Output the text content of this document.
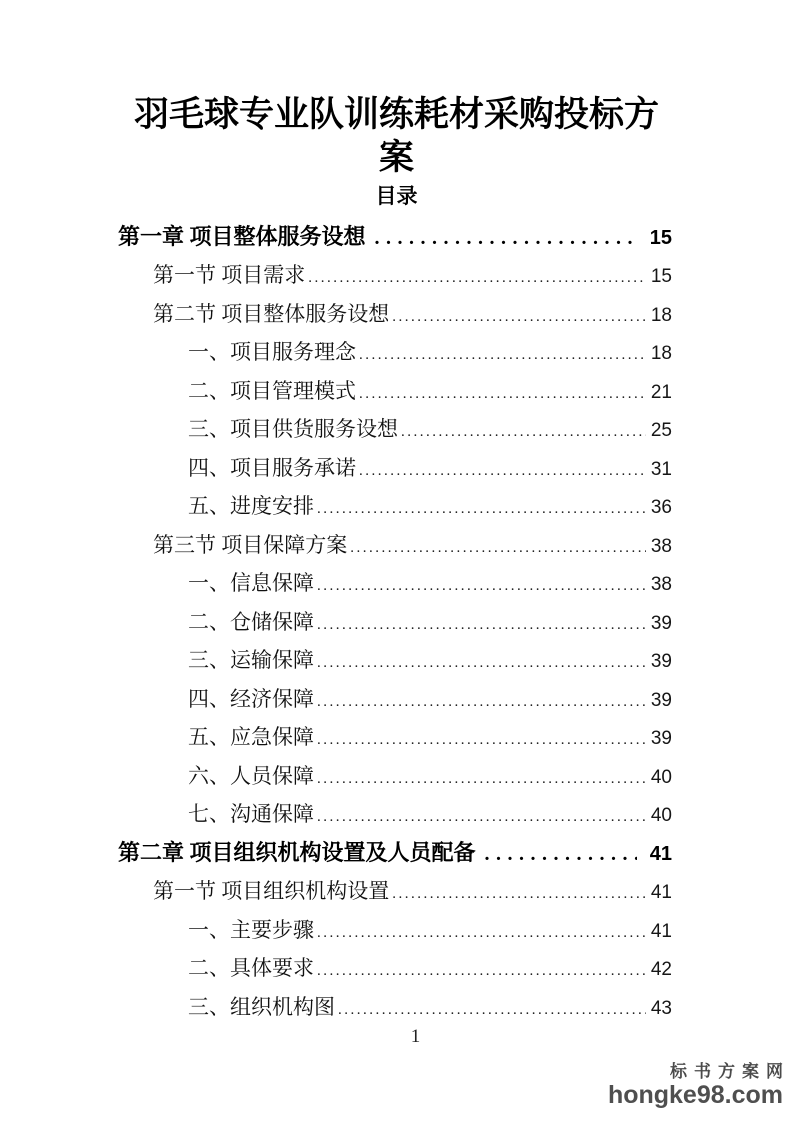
羽毛球专业队训练耗材采购投标方案
目录
第一章 项目整体服务设想 .....	15
第一节 项目需求 .....	15
第二节 项目整体服务设想 .....	18
一、项目服务理念 .....	18
二、项目管理模式 .....	21
三、项目供货服务设想 .....	25
四、项目服务承诺 .....	31
五、进度安排 .....	36
第三节 项目保障方案 .....	38
一、信息保障 .....	38
二、仓储保障 .....	39
三、运输保障 .....	39
四、经济保障 .....	39
五、应急保障 .....	39
六、人员保障 .....	40
七、沟通保障 .....	40
第二章 项目组织机构设置及人员配备 .....	41
第一节 项目组织机构设置 .....	41
一、主要步骤 .....	41
二、具体要求 .....	42
三、组织机构图 .....	43
1
标书方案网
hongke98.com
